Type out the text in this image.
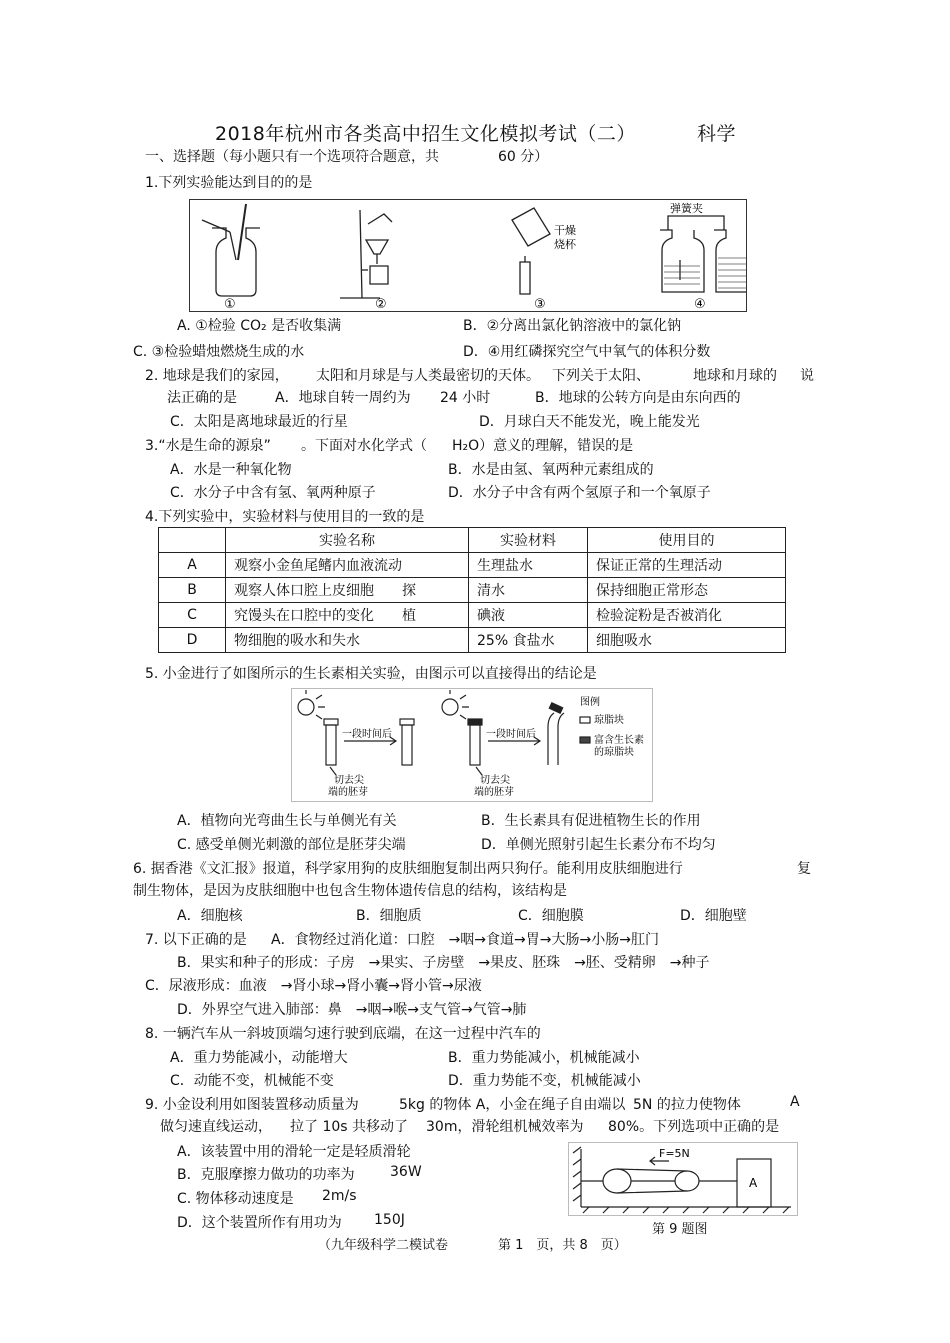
2018年杭州市各类高中招生文化模拟考试（二）	科学
一、选择题（每小题只有一个选项符合题意，共	60 分）
1.下列实验能达到目的的是
①	②	③	④
干燥
烧杯
弹簧夹
A. ①检验 CO₂ 是否收集满	B．②分离出氯化钠溶液中的氯化钠
C. ③检验蜡烛燃烧生成的水	D．④用红磷探究空气中氧气的体积分数
2. 地球是我们的家园， 太阳和月球是与人类最密切的天体。 下列关于太阳、	地球和月球的 说
法正确的是	A．地球自转一周约为 24 小时	B．地球的公转方向是由东向西的
C．太阳是离地球最近的行星	D．月球白天不能发光，晚上能发光
3.“水是生命的源泉” 。下面对水化学式（ H₂O）意义的理解，错误的是
A．水是一种氧化物	B．水是由氢、氧两种元素组成的
C．水分子中含有氢、氧两种原子	D．水分子中含有两个氢原子和一个氧原子
4.下列实验中，实验材料与使用目的一致的是
	实验名称	实验材料	使用目的
A	观察小金鱼尾鳍内血液流动	生理盐水	保证正常的生理活动
B	观察人体口腔上皮细胞　　探	清水	保持细胞正常形态
C	究馒头在口腔中的变化　　植	碘液	检验淀粉是否被消化
D	物细胞的吸水和失水	25% 食盐水	细胞吸水
5. 小金进行了如图所示的生长素相关实验，由图示可以直接得出的结论是
一段时间后	一段时间后
切去尖
端的胚芽
切去尖
端的胚芽
图例
琼脂块
富含生长素
的琼脂块
A．植物向光弯曲生长与单侧光有关	B．生长素具有促进植物生长的作用
C. 感受单侧光刺激的部位是胚芽尖端	D．单侧光照射引起生长素分布不均匀
6. 据香港《文汇报》报道，科学家用狗的皮肤细胞复制出两只狗仔。能利用皮肤细胞进行	复
制生物体，是因为皮肤细胞中也包含生物体遗传信息的结构，该结构是
A．细胞核	B．细胞质	C．细胞膜	D．细胞壁
7. 以下正确的是 A．食物经过消化道：口腔　→咽→食道→胃→大肠→小肠→肛门
B．果实和种子的形成：子房　→果实、子房壁　→果皮、胚珠　→胚、受精卵　→种子
C．尿液形成：血液　→肾小球→肾小囊→肾小管→尿液
D．外界空气进入肺部：鼻　→咽→喉→支气管→气管→肺
8. 一辆汽车从一斜坡顶端匀速行驶到底端，在这一过程中汽车的
A．重力势能减小，动能增大	B．重力势能减小，机械能减小
C．动能不变，机械能不变	D．重力势能不变，机械能减小
9. 小金设利用如图装置移动质量为	5kg 的物体 A，小金在绳子自由端以 5N 的拉力使物体	A
做匀速直线运动， 拉了 10s 共移动了 30m，滑轮组机械效率为 80%。下列选项中正确的是
A．该装置中用的滑轮一定是轻质滑轮
B．克服摩擦力做功的功率为	36W
C. 物体移动速度是 2m/s
D．这个装置所作有用功为 150J
F=5N
A
第 9 题图
（九年级科学二模试卷	第 1　页，共 8　页）
